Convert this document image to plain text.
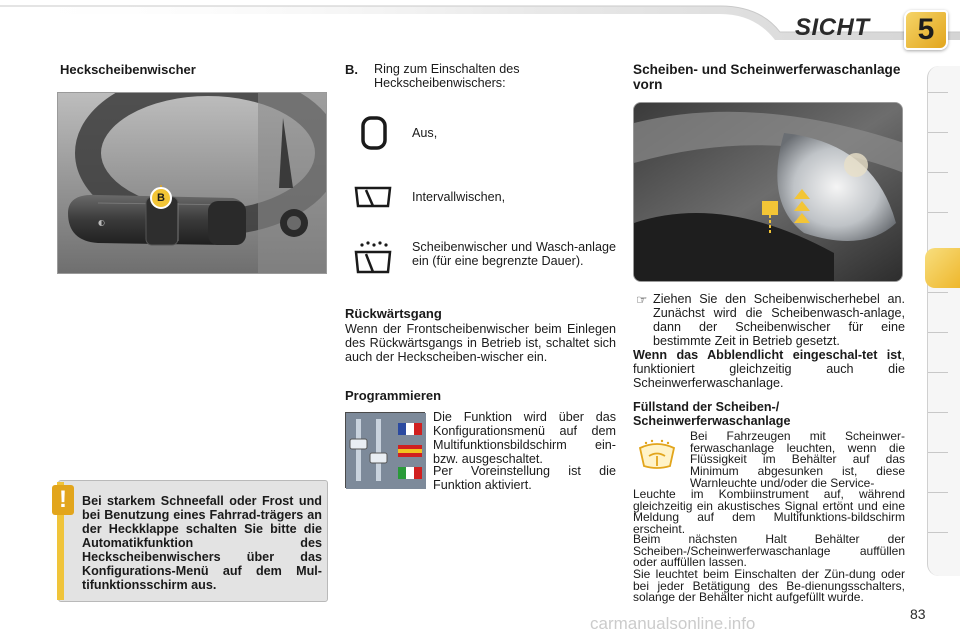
SICHT 5
Heckscheibenwischer
◐
B
! Bei starkem Schneefall oder Frost und bei Benutzung eines Fahrrad-trägers an der Heckklappe schalten Sie bitte die Automatikfunktion des Heckscheibenwischers über das Konfigurations-Menü auf dem Mul-tifunktionsschirm aus.
B. Ring zum Einschalten des Heckscheibenwischers:
Aus,
Intervallwischen,
Scheibenwischer und Wasch-anlage ein (für eine begrenzte Dauer).
Rückwärtsgang
Wenn der Frontscheibenwischer beim Einlegen des Rückwärtsgangs in Betrieb ist, schaltet sich auch der Heckscheiben-wischer ein.
Programmieren
Die Funktion wird über das Konfigurationsmenü auf dem Multifunktionsbildschirm ein-bzw. ausgeschaltet.
Per Voreinstellung ist die Funktion aktiviert.
Scheiben- und Scheinwerferwaschanlage vorn
☞ Ziehen Sie den Scheibenwischerhebel an. Zunächst wird die Scheibenwasch-anlage, dann der Scheibenwischer für eine bestimmte Zeit in Betrieb gesetzt.
Wenn das Abblendlicht eingeschal-tet ist, funktioniert gleichzeitig auch die Scheinwerferwaschanlage.
Füllstand der Scheiben-/ Scheinwerferwaschanlage
Bei Fahrzeugen mit Scheinwer-ferwaschanlage leuchten, wenn die Flüssigkeit im Behälter auf das Minimum abgesunken ist, diese Warnleuchte und/oder die Service-
Leuchte im Kombiinstrument auf, während gleichzeitig ein akustisches Signal ertönt und eine Meldung auf dem Multifunktions-bildschirm erscheint.
Beim nächsten Halt Behälter der Scheiben-/Scheinwerferwaschanlage auffüllen oder auffüllen lassen.
Sie leuchtet beim Einschalten der Zün-dung oder bei jeder Betätigung des Be-dienungsschalters, solange der Behälter nicht aufgefüllt wurde.
carmanualsonline.info	83
